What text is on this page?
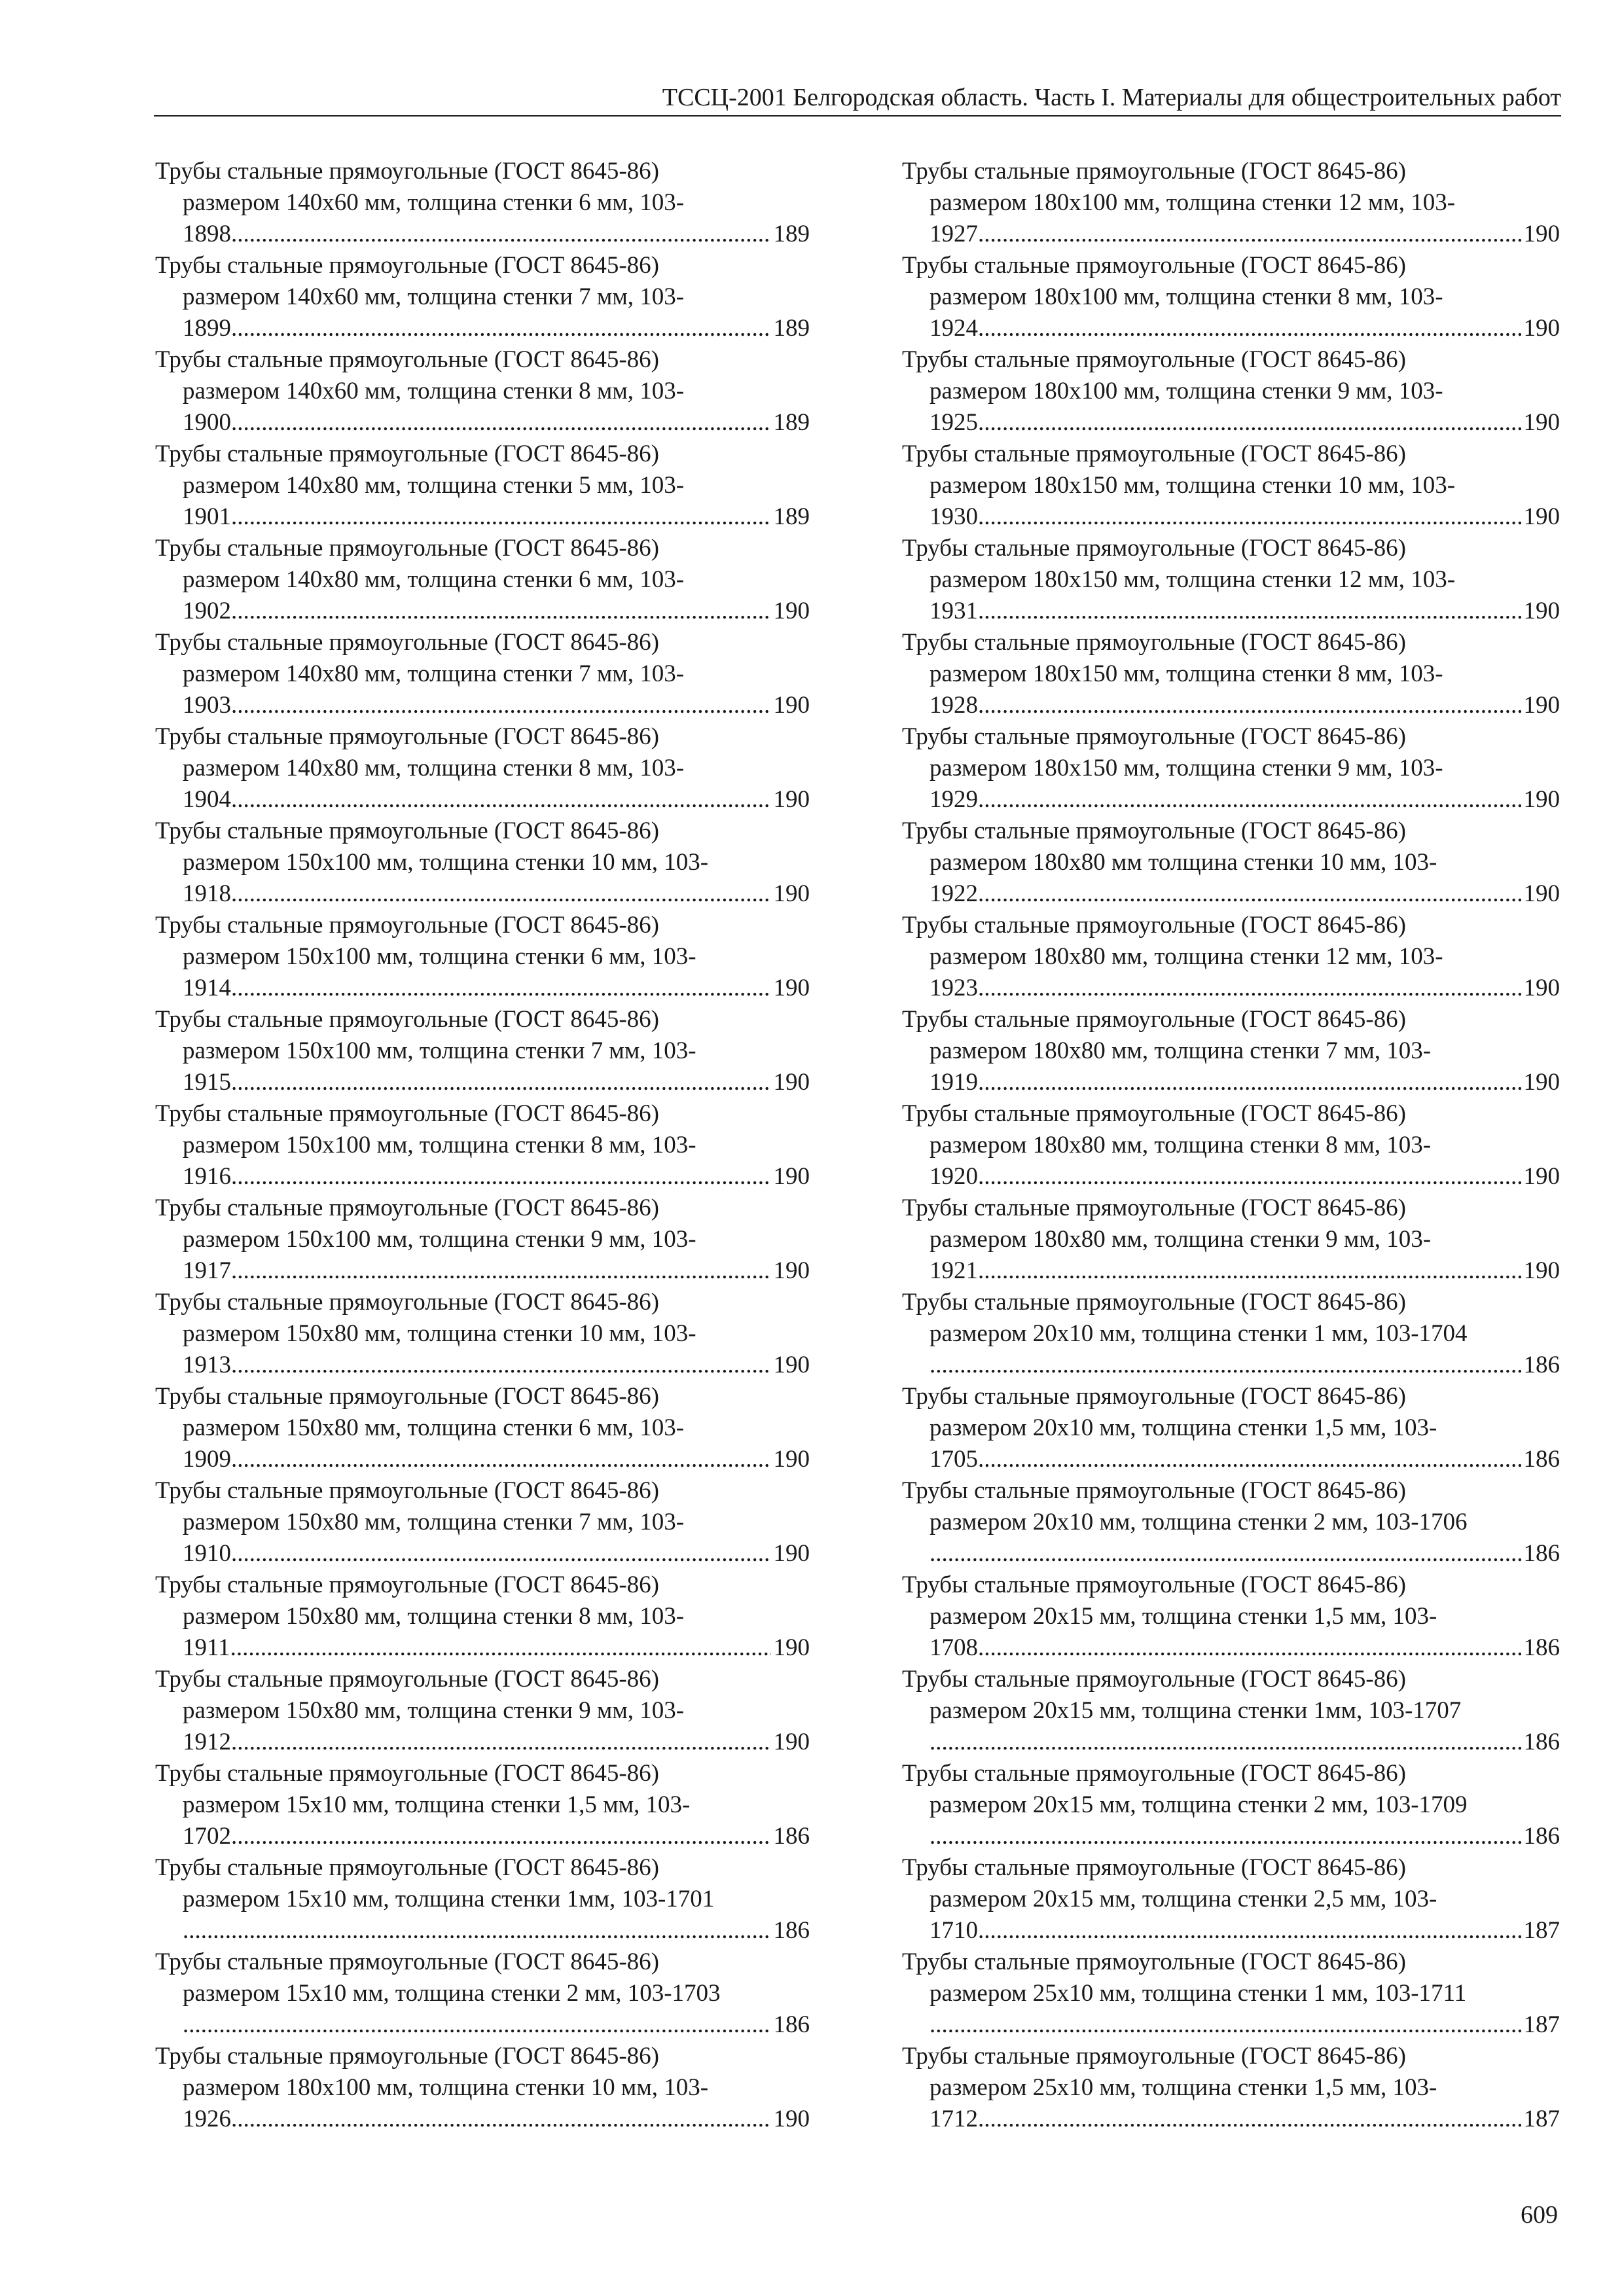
ТССЦ-2001 Белгородская область. Часть I. Материалы для общестроительных работ
Трубы стальные прямоугольные (ГОСТ 8645-86)
размером 140x60 мм, толщина стенки 6 мм, 103-
1898 .....	189
Трубы стальные прямоугольные (ГОСТ 8645-86)
размером 140x60 мм, толщина стенки 7 мм, 103-
1899 .....	189
Трубы стальные прямоугольные (ГОСТ 8645-86)
размером 140x60 мм, толщина стенки 8 мм, 103-
1900 .....	189
Трубы стальные прямоугольные (ГОСТ 8645-86)
размером 140x80 мм, толщина стенки 5 мм, 103-
1901 .....	189
Трубы стальные прямоугольные (ГОСТ 8645-86)
размером 140x80 мм, толщина стенки 6 мм, 103-
1902 .....	190
Трубы стальные прямоугольные (ГОСТ 8645-86)
размером 140x80 мм, толщина стенки 7 мм, 103-
1903 .....	190
Трубы стальные прямоугольные (ГОСТ 8645-86)
размером 140x80 мм, толщина стенки 8 мм, 103-
1904 .....	190
Трубы стальные прямоугольные (ГОСТ 8645-86)
размером 150x100 мм, толщина стенки 10 мм, 103-
1918 .....	190
Трубы стальные прямоугольные (ГОСТ 8645-86)
размером 150x100 мм, толщина стенки 6 мм, 103-
1914 .....	190
Трубы стальные прямоугольные (ГОСТ 8645-86)
размером 150x100 мм, толщина стенки 7 мм, 103-
1915 .....	190
Трубы стальные прямоугольные (ГОСТ 8645-86)
размером 150x100 мм, толщина стенки 8 мм, 103-
1916 .....	190
Трубы стальные прямоугольные (ГОСТ 8645-86)
размером 150x100 мм, толщина стенки 9 мм, 103-
1917 .....	190
Трубы стальные прямоугольные (ГОСТ 8645-86)
размером 150x80 мм, толщина стенки 10 мм, 103-
1913 .....	190
Трубы стальные прямоугольные (ГОСТ 8645-86)
размером 150x80 мм, толщина стенки 6 мм, 103-
1909 .....	190
Трубы стальные прямоугольные (ГОСТ 8645-86)
размером 150x80 мм, толщина стенки 7 мм, 103-
1910 .....	190
Трубы стальные прямоугольные (ГОСТ 8645-86)
размером 150x80 мм, толщина стенки 8 мм, 103-
1911 .....	190
Трубы стальные прямоугольные (ГОСТ 8645-86)
размером 150x80 мм, толщина стенки 9 мм, 103-
1912 .....	190
Трубы стальные прямоугольные (ГОСТ 8645-86)
размером 15x10 мм, толщина стенки 1,5 мм, 103-
1702 .....	186
Трубы стальные прямоугольные (ГОСТ 8645-86)
размером 15x10 мм, толщина стенки 1мм, 103-1701
.....
186
Трубы стальные прямоугольные (ГОСТ 8645-86)
размером 15x10 мм, толщина стенки 2 мм, 103-1703
.....
186
Трубы стальные прямоугольные (ГОСТ 8645-86)
размером 180x100 мм, толщина стенки 10 мм, 103-
1926 .....	190
Трубы стальные прямоугольные (ГОСТ 8645-86)
размером 180x100 мм, толщина стенки 12 мм, 103-
1927 .....	190
Трубы стальные прямоугольные (ГОСТ 8645-86)
размером 180x100 мм, толщина стенки 8 мм, 103-
1924 .....	190
Трубы стальные прямоугольные (ГОСТ 8645-86)
размером 180x100 мм, толщина стенки 9 мм, 103-
1925 .....	190
Трубы стальные прямоугольные (ГОСТ 8645-86)
размером 180x150 мм, толщина стенки 10 мм, 103-
1930 .....	190
Трубы стальные прямоугольные (ГОСТ 8645-86)
размером 180x150 мм, толщина стенки 12 мм, 103-
1931 .....	190
Трубы стальные прямоугольные (ГОСТ 8645-86)
размером 180x150 мм, толщина стенки 8 мм, 103-
1928 .....	190
Трубы стальные прямоугольные (ГОСТ 8645-86)
размером 180x150 мм, толщина стенки 9 мм, 103-
1929 .....	190
Трубы стальные прямоугольные (ГОСТ 8645-86)
размером 180x80 мм толщина стенки 10 мм, 103-
1922 .....	190
Трубы стальные прямоугольные (ГОСТ 8645-86)
размером 180x80 мм, толщина стенки 12 мм, 103-
1923 .....	190
Трубы стальные прямоугольные (ГОСТ 8645-86)
размером 180x80 мм, толщина стенки 7 мм, 103-
1919 .....	190
Трубы стальные прямоугольные (ГОСТ 8645-86)
размером 180x80 мм, толщина стенки 8 мм, 103-
1920 .....	190
Трубы стальные прямоугольные (ГОСТ 8645-86)
размером 180x80 мм, толщина стенки 9 мм, 103-
1921 .....	190
Трубы стальные прямоугольные (ГОСТ 8645-86)
размером 20x10 мм, толщина стенки 1 мм, 103-1704
.....
186
Трубы стальные прямоугольные (ГОСТ 8645-86)
размером 20x10 мм, толщина стенки 1,5 мм, 103-
1705 .....	186
Трубы стальные прямоугольные (ГОСТ 8645-86)
размером 20x10 мм, толщина стенки 2 мм, 103-1706
.....
186
Трубы стальные прямоугольные (ГОСТ 8645-86)
размером 20x15 мм, толщина стенки 1,5 мм, 103-
1708 .....	186
Трубы стальные прямоугольные (ГОСТ 8645-86)
размером 20x15 мм, толщина стенки 1мм, 103-1707
.....
186
Трубы стальные прямоугольные (ГОСТ 8645-86)
размером 20x15 мм, толщина стенки 2 мм, 103-1709
.....
186
Трубы стальные прямоугольные (ГОСТ 8645-86)
размером 20x15 мм, толщина стенки 2,5 мм, 103-
1710 .....	187
Трубы стальные прямоугольные (ГОСТ 8645-86)
размером 25x10 мм, толщина стенки 1 мм, 103-1711
.....
187
Трубы стальные прямоугольные (ГОСТ 8645-86)
размером 25x10 мм, толщина стенки 1,5 мм, 103-
1712 .....	187
609
